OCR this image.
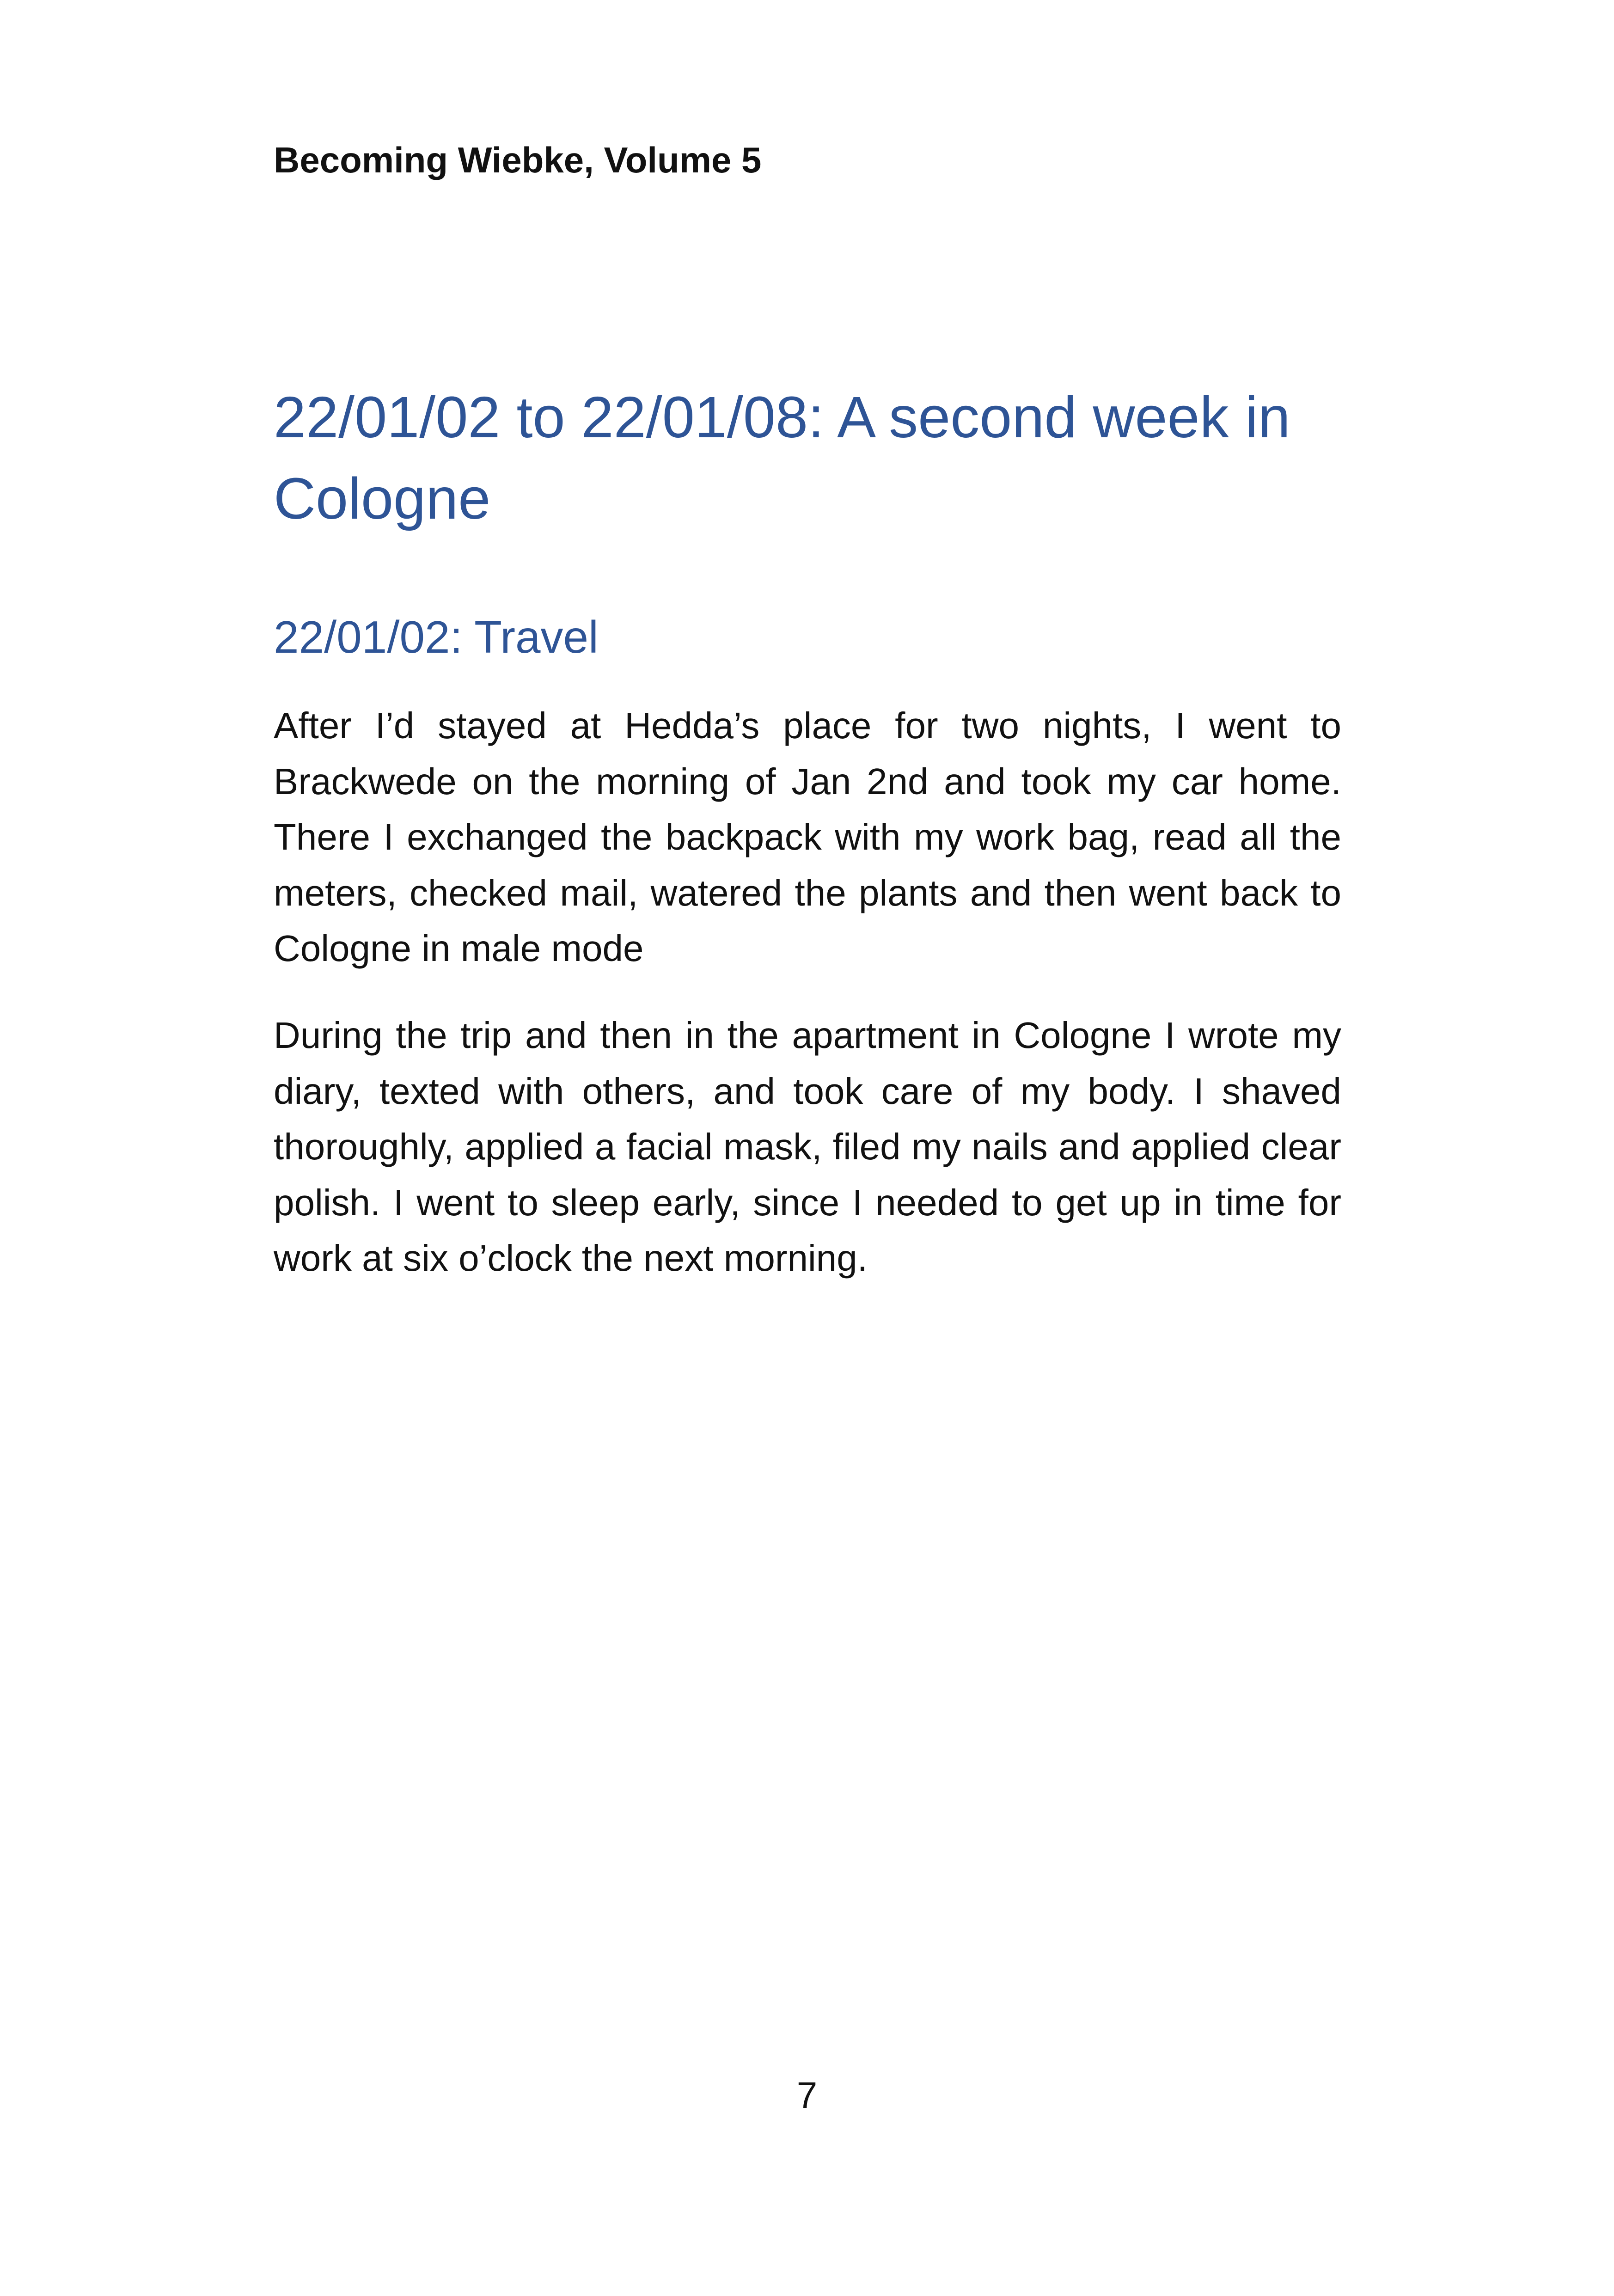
Becoming Wiebke, Volume 5
22/01/02 to 22/01/08: A second week in Cologne
22/01/02: Travel

After I’d stayed at Hedda’s place for two nights, I went to Brackwede on the morning of Jan 2nd and took my car home. There I exchanged the backpack with my work bag, read all the meters, checked mail, watered the plants and then went back to Cologne in male mode

During the trip and then in the apartment in Cologne I wrote my diary, texted with others, and took care of my body. I shaved thoroughly, applied a facial mask, filed my nails and applied clear polish. I went to sleep early, since I needed to get up in time for work at six o’clock the next morning.

7
